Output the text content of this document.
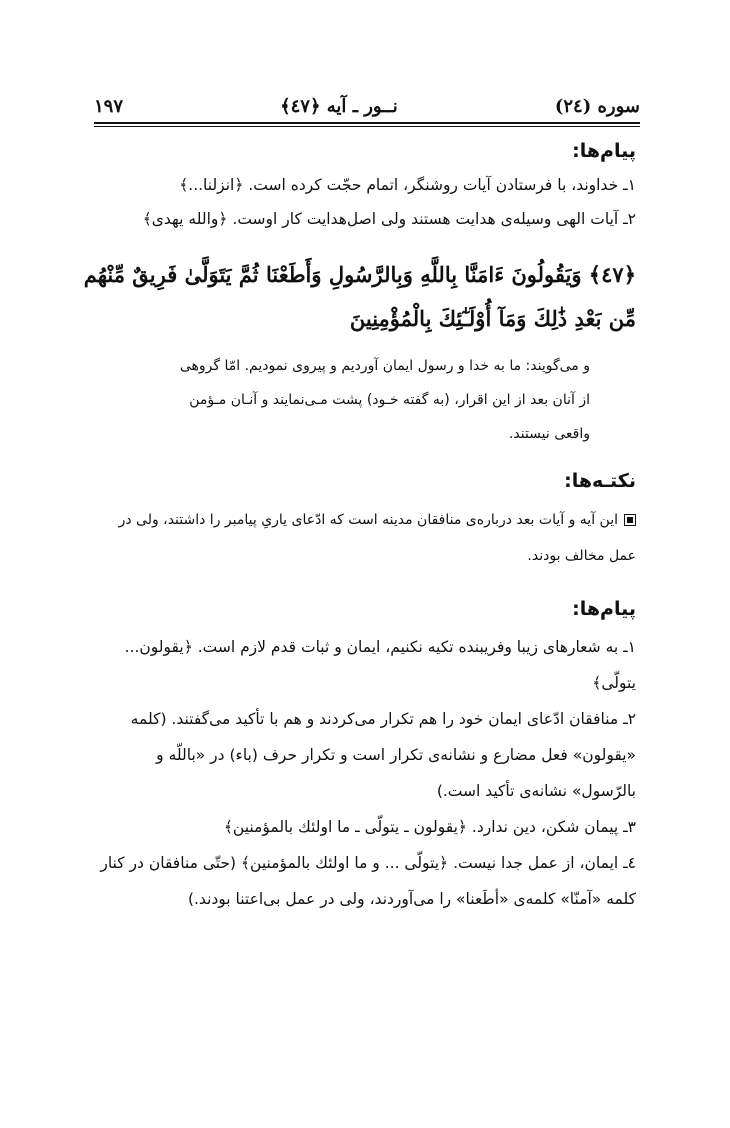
سوره (۲٤)
نــور ـ آيه ﴿٤٧﴾
۱۹۷
پيام‌ها:
۱ـ خداوند، با فرستادن آيات روشنگر، اتمام حجّت كرده است. ﴿انزلنا...﴾
۲ـ آيات الهى وسيله‌ى هدايت هستند ولى اصل‌هدايت كار اوست. ﴿والله يهدى﴾
﴿٤٧﴾ وَيَقُولُونَ ءَامَنَّا بِاللَّهِ وَبِالرَّسُولِ وَأَطَعْنَا ثُمَّ يَتَوَلَّىٰ فَرِيقٌ مِّنْهُم
مِّن بَعْدِ ذَٰلِكَ وَمَآ أُوْلَـٰٓئِكَ بِالْمُؤْمِنِينَ
و مى‌گويند: ما به خدا و رسول ايمان آورديم و پيروى نموديم. امّا گروهى
از آنان بعد از اين اقرار، (به گفته خـود) پشت مـى‌نمايند و آنـان مـؤمن
واقعى نيستند.
نكتـه‌ها:
اين آيه و آيات بعد درباره‌ى منافقان مدينه است كه ادّعاى يارىِ پيامبر را داشتند، ولى در
عمل مخالف بودند.
پيام‌ها:
۱ـ به شعارهاى زيبا وفريبنده تكيه نكنيم، ايمان و ثبات قدم لازم است. ﴿يقولون...
يتولّى﴾
۲ـ منافقان ادّعاى ايمان خود را هم تكرار مى‌كردند و هم با تأكيد مى‌گفتند. (كلمه
«يقولون» فعل مضارع و نشانه‌ى تكرار است و تكرار حرف (باء) در «باللّه و
بالرّسول» نشانه‌ى تأكيد است.)
۳ـ پيمان شكن، دين ندارد. ﴿يقولون ـ يتولّى ـ ما اولئك بالمؤمنين﴾
٤ـ ايمان، از عمل جدا نيست. ﴿يتولّى ... و ما اولئك بالمؤمنين﴾ (حتّى منافقان در كنار
كلمه «آمنّا» كلمه‌ى «أطَعنا» را مى‌آوردند، ولى در عمل بى‌اعتنا بودند.)
